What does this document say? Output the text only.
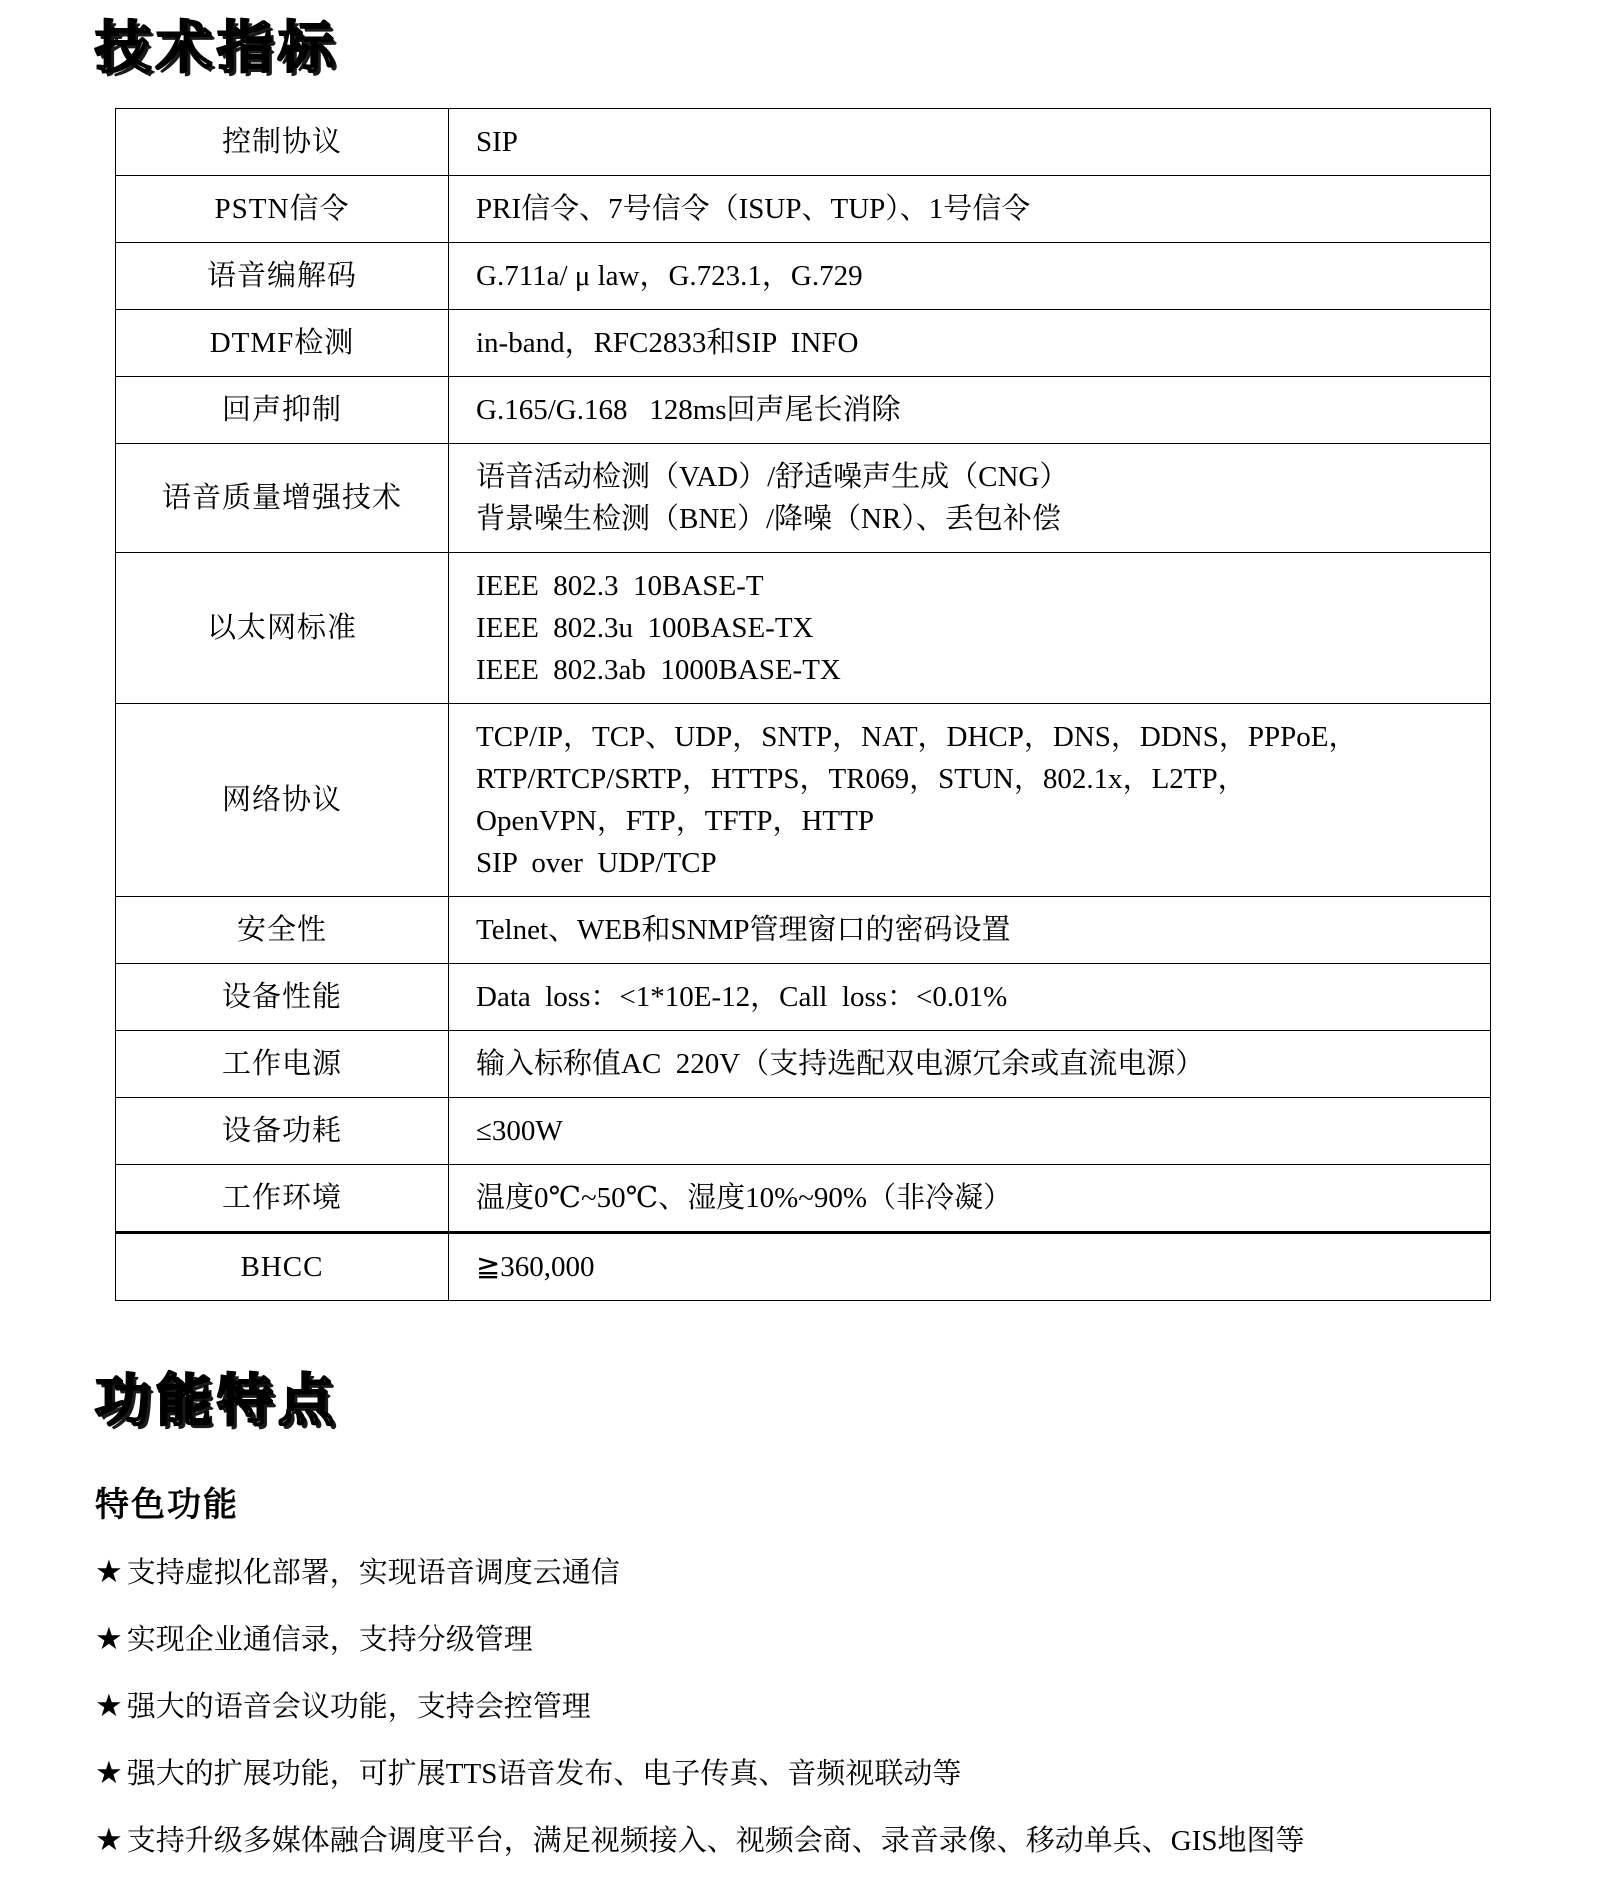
技术指标
控制协议	SIP

PSTN信令	PRI信令、7号信令（ISUP、TUP）、1号信令

语音编解码	G.711a/ μ law，G.723.1，G.729

DTMF检测	in-band，RFC2833和SIP  INFO

回声抑制	G.165/G.168   128ms回声尾长消除

语音质量增强技术	语音活动检测（VAD）/舒适噪声生成（CNG）
背景噪生检测（BNE）/降噪（NR）、丢包补偿

以太网标准	IEEE  802.3  10BASE-T
IEEE  802.3u  100BASE-TX
IEEE  802.3ab  1000BASE-TX

网络协议	TCP/IP，TCP、UDP，SNTP，NAT，DHCP，DNS，DDNS，PPPoE，
RTP/RTCP/SRTP，HTTPS，TR069，STUN，802.1x，L2TP，
OpenVPN，FTP，TFTP，HTTP
SIP  over  UDP/TCP

安全性	Telnet、WEB和SNMP管理窗口的密码设置

设备性能	Data  loss：<1*10E-12，Call  loss：<0.01%

工作电源	输入标称值AC  220V（支持选配双电源冗余或直流电源）

设备功耗	≤300W

工作环境	温度0℃~50℃、湿度10%~90%（非冷凝）

BHCC	≧360,000
功能特点
特色功能
★ 支持虚拟化部署，实现语音调度云通信
★ 实现企业通信录，支持分级管理
★ 强大的语音会议功能，支持会控管理
★ 强大的扩展功能，可扩展TTS语音发布、电子传真、音频视联动等
★ 支持升级多媒体融合调度平台，满足视频接入、视频会商、录音录像、移动单兵、GIS地图等
